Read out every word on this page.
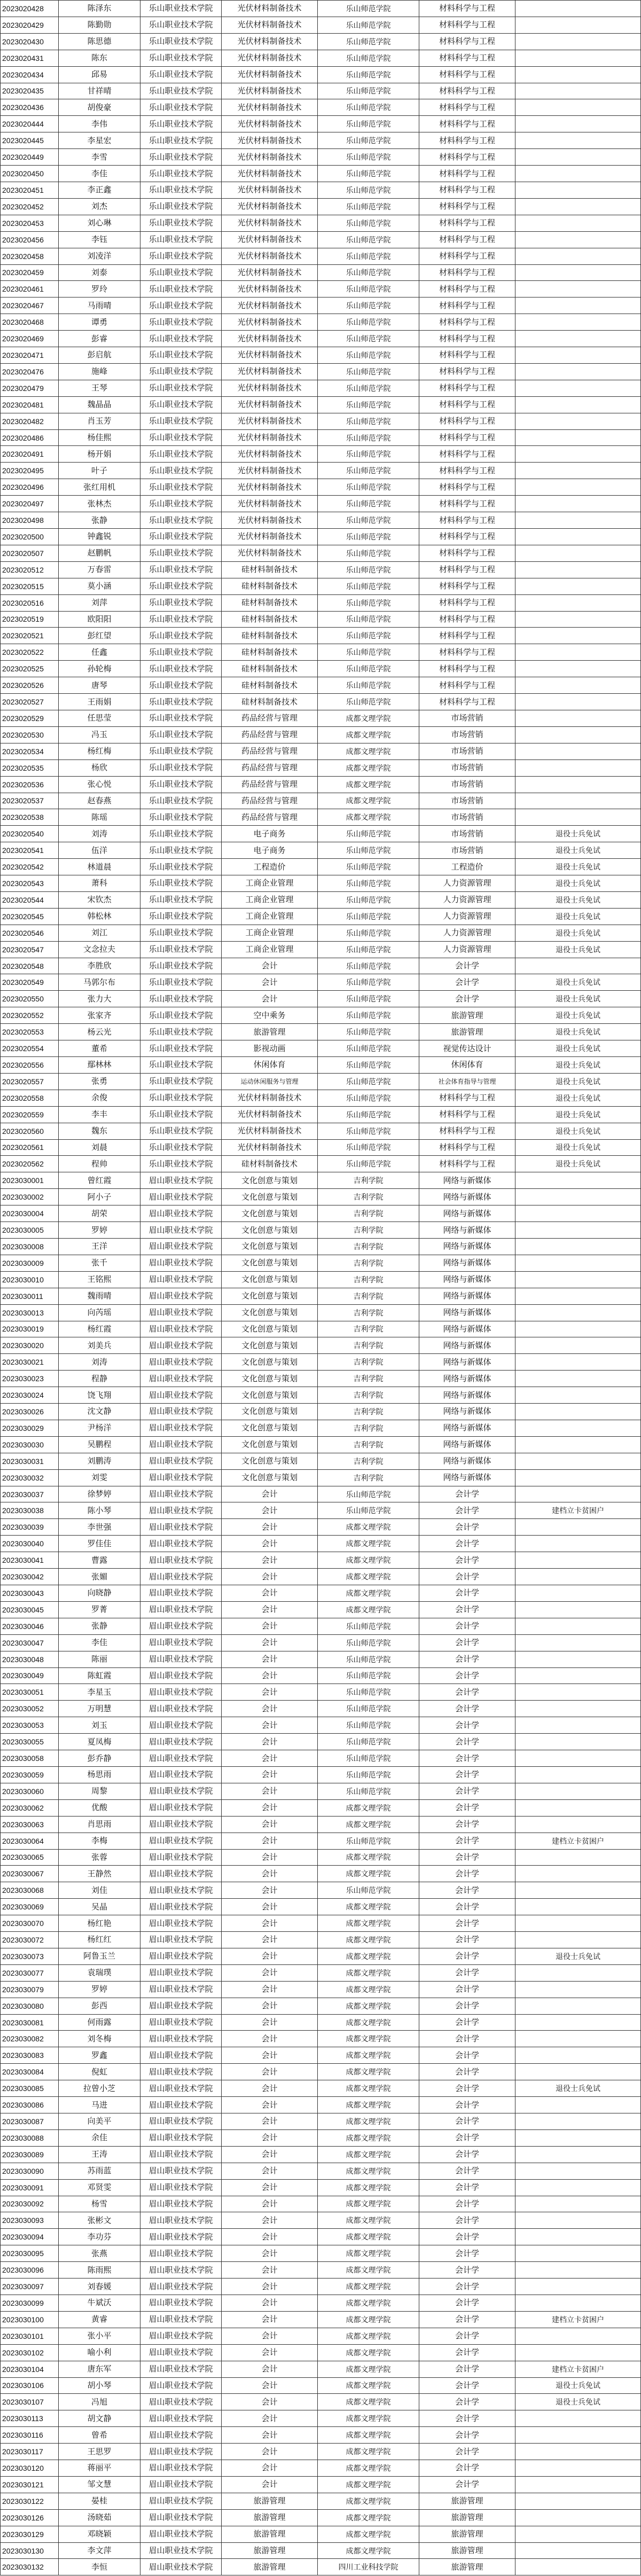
2023020428	陈泽东	乐山职业技术学院	光伏材料制备技术	乐山师范学院	材料科学与工程
2023020429	陈勤勋	乐山职业技术学院	光伏材料制备技术	乐山师范学院	材料科学与工程
2023020430	陈思德	乐山职业技术学院	光伏材料制备技术	乐山师范学院	材料科学与工程
2023020431	陈东	乐山职业技术学院	光伏材料制备技术	乐山师范学院	材料科学与工程
2023020434	邱易	乐山职业技术学院	光伏材料制备技术	乐山师范学院	材料科学与工程
2023020435	甘祥晴	乐山职业技术学院	光伏材料制备技术	乐山师范学院	材料科学与工程
2023020436	胡俊豪	乐山职业技术学院	光伏材料制备技术	乐山师范学院	材料科学与工程
2023020444	李伟	乐山职业技术学院	光伏材料制备技术	乐山师范学院	材料科学与工程
2023020445	李星宏	乐山职业技术学院	光伏材料制备技术	乐山师范学院	材料科学与工程
2023020449	李雪	乐山职业技术学院	光伏材料制备技术	乐山师范学院	材料科学与工程
2023020450	李佳	乐山职业技术学院	光伏材料制备技术	乐山师范学院	材料科学与工程
2023020451	李正鑫	乐山职业技术学院	光伏材料制备技术	乐山师范学院	材料科学与工程
2023020452	刘杰	乐山职业技术学院	光伏材料制备技术	乐山师范学院	材料科学与工程
2023020453	刘心琳	乐山职业技术学院	光伏材料制备技术	乐山师范学院	材料科学与工程
2023020456	李钰	乐山职业技术学院	光伏材料制备技术	乐山师范学院	材料科学与工程
2023020458	刘凌洋	乐山职业技术学院	光伏材料制备技术	乐山师范学院	材料科学与工程
2023020459	刘泰	乐山职业技术学院	光伏材料制备技术	乐山师范学院	材料科学与工程
2023020461	罗玲	乐山职业技术学院	光伏材料制备技术	乐山师范学院	材料科学与工程
2023020467	马雨晴	乐山职业技术学院	光伏材料制备技术	乐山师范学院	材料科学与工程
2023020468	谭勇	乐山职业技术学院	光伏材料制备技术	乐山师范学院	材料科学与工程
2023020469	彭睿	乐山职业技术学院	光伏材料制备技术	乐山师范学院	材料科学与工程
2023020471	彭启航	乐山职业技术学院	光伏材料制备技术	乐山师范学院	材料科学与工程
2023020476	施峰	乐山职业技术学院	光伏材料制备技术	乐山师范学院	材料科学与工程
2023020479	王琴	乐山职业技术学院	光伏材料制备技术	乐山师范学院	材料科学与工程
2023020481	魏晶晶	乐山职业技术学院	光伏材料制备技术	乐山师范学院	材料科学与工程
2023020482	肖玉芳	乐山职业技术学院	光伏材料制备技术	乐山师范学院	材料科学与工程
2023020486	杨佳熙	乐山职业技术学院	光伏材料制备技术	乐山师范学院	材料科学与工程
2023020491	杨开娟	乐山职业技术学院	光伏材料制备技术	乐山师范学院	材料科学与工程
2023020495	叶子	乐山职业技术学院	光伏材料制备技术	乐山师范学院	材料科学与工程
2023020496	张红用机	乐山职业技术学院	光伏材料制备技术	乐山师范学院	材料科学与工程
2023020497	张林杰	乐山职业技术学院	光伏材料制备技术	乐山师范学院	材料科学与工程
2023020498	张静	乐山职业技术学院	光伏材料制备技术	乐山师范学院	材料科学与工程
2023020500	钟鑫锐	乐山职业技术学院	光伏材料制备技术	乐山师范学院	材料科学与工程
2023020507	赵鹏帆	乐山职业技术学院	光伏材料制备技术	乐山师范学院	材料科学与工程
2023020512	万春雷	乐山职业技术学院	硅材料制备技术	乐山师范学院	材料科学与工程
2023020515	莫小涵	乐山职业技术学院	硅材料制备技术	乐山师范学院	材料科学与工程
2023020516	刘萍	乐山职业技术学院	硅材料制备技术	乐山师范学院	材料科学与工程
2023020519	欧阳阳	乐山职业技术学院	硅材料制备技术	乐山师范学院	材料科学与工程
2023020521	彭红望	乐山职业技术学院	硅材料制备技术	乐山师范学院	材料科学与工程
2023020522	任鑫	乐山职业技术学院	硅材料制备技术	乐山师范学院	材料科学与工程
2023020525	孙轮梅	乐山职业技术学院	硅材料制备技术	乐山师范学院	材料科学与工程
2023020526	唐琴	乐山职业技术学院	硅材料制备技术	乐山师范学院	材料科学与工程
2023020527	王雨娟	乐山职业技术学院	硅材料制备技术	乐山师范学院	材料科学与工程
2023020529	任思莹	乐山职业技术学院	药品经营与管理	成都文理学院	市场营销
2023020530	冯玉	乐山职业技术学院	药品经营与管理	成都文理学院	市场营销
2023020534	杨红梅	乐山职业技术学院	药品经营与管理	成都文理学院	市场营销
2023020535	杨欣	乐山职业技术学院	药品经营与管理	成都文理学院	市场营销
2023020536	张心悦	乐山职业技术学院	药品经营与管理	成都文理学院	市场营销
2023020537	赵春燕	乐山职业技术学院	药品经营与管理	成都文理学院	市场营销
2023020538	陈瑶	乐山职业技术学院	药品经营与管理	成都文理学院	市场营销
2023020540	刘涛	乐山职业技术学院	电子商务	乐山师范学院	市场营销	退役士兵免试
2023020541	伍洋	乐山职业技术学院	电子商务	乐山师范学院	市场营销	退役士兵免试
2023020542	林道晨	乐山职业技术学院	工程造价	乐山师范学院	工程造价	退役士兵免试
2023020543	萧科	乐山职业技术学院	工商企业管理	乐山师范学院	人力资源管理	退役士兵免试
2023020544	宋钦杰	乐山职业技术学院	工商企业管理	乐山师范学院	人力资源管理	退役士兵免试
2023020545	韩松林	乐山职业技术学院	工商企业管理	乐山师范学院	人力资源管理	退役士兵免试
2023020546	刘江	乐山职业技术学院	工商企业管理	乐山师范学院	人力资源管理	退役士兵免试
2023020547	文念拉夫	乐山职业技术学院	工商企业管理	乐山师范学院	人力资源管理	退役士兵免试
2023020548	李胜欣	乐山职业技术学院	会计	乐山师范学院	会计学
2023020549	马郭尔布	乐山职业技术学院	会计	乐山师范学院	会计学	退役士兵免试
2023020550	张力大	乐山职业技术学院	会计	乐山师范学院	会计学	退役士兵免试
2023020552	张家齐	乐山职业技术学院	空中乘务	乐山师范学院	旅游管理	退役士兵免试
2023020553	杨云光	乐山职业技术学院	旅游管理	乐山师范学院	旅游管理	退役士兵免试
2023020554	董希	乐山职业技术学院	影视动画	乐山师范学院	视觉传达设计	退役士兵免试
2023020556	鄢林林	乐山职业技术学院	休闲体育	乐山师范学院	休闲体育	退役士兵免试
2023020557	张勇	乐山职业技术学院	运动休闲服务与管理	乐山师范学院	社会体育指导与管理	退役士兵免试
2023020558	余俊	乐山职业技术学院	光伏材料制备技术	乐山师范学院	材料科学与工程	退役士兵免试
2023020559	李丰	乐山职业技术学院	光伏材料制备技术	乐山师范学院	材料科学与工程	退役士兵免试
2023020560	魏东	乐山职业技术学院	光伏材料制备技术	乐山师范学院	材料科学与工程	退役士兵免试
2023020561	刘晨	乐山职业技术学院	光伏材料制备技术	乐山师范学院	材料科学与工程	退役士兵免试
2023020562	程帅	乐山职业技术学院	硅材料制备技术	乐山师范学院	材料科学与工程	退役士兵免试
2023030001	曾红霞	眉山职业技术学院	文化创意与策划	吉利学院	网络与新媒体
2023030002	阿小子	眉山职业技术学院	文化创意与策划	吉利学院	网络与新媒体
2023030004	胡荣	眉山职业技术学院	文化创意与策划	吉利学院	网络与新媒体
2023030005	罗婷	眉山职业技术学院	文化创意与策划	吉利学院	网络与新媒体
2023030008	王洋	眉山职业技术学院	文化创意与策划	吉利学院	网络与新媒体
2023030009	张千	眉山职业技术学院	文化创意与策划	吉利学院	网络与新媒体
2023030010	王铭熙	眉山职业技术学院	文化创意与策划	吉利学院	网络与新媒体
2023030011	魏雨晴	眉山职业技术学院	文化创意与策划	吉利学院	网络与新媒体
2023030013	向芮瑶	眉山职业技术学院	文化创意与策划	吉利学院	网络与新媒体
2023030019	杨红霞	眉山职业技术学院	文化创意与策划	吉利学院	网络与新媒体
2023030020	刘美兵	眉山职业技术学院	文化创意与策划	吉利学院	网络与新媒体
2023030021	刘涛	眉山职业技术学院	文化创意与策划	吉利学院	网络与新媒体
2023030023	程静	眉山职业技术学院	文化创意与策划	吉利学院	网络与新媒体
2023030024	饶飞翔	眉山职业技术学院	文化创意与策划	吉利学院	网络与新媒体
2023030026	沈文静	眉山职业技术学院	文化创意与策划	吉利学院	网络与新媒体
2023030029	尹杨洋	眉山职业技术学院	文化创意与策划	吉利学院	网络与新媒体
2023030030	吴鹏程	眉山职业技术学院	文化创意与策划	吉利学院	网络与新媒体
2023030031	刘鹏涛	眉山职业技术学院	文化创意与策划	吉利学院	网络与新媒体
2023030032	刘雯	眉山职业技术学院	文化创意与策划	吉利学院	网络与新媒体
2023030037	徐梦婷	眉山职业技术学院	会计	乐山师范学院	会计学
2023030038	陈小琴	眉山职业技术学院	会计	乐山师范学院	会计学	建档立卡贫困户
2023030039	李世强	眉山职业技术学院	会计	成都文理学院	会计学
2023030040	罗佳佳	眉山职业技术学院	会计	成都文理学院	会计学
2023030041	曹露	眉山职业技术学院	会计	成都文理学院	会计学
2023030042	张媚	眉山职业技术学院	会计	成都文理学院	会计学
2023030043	向晓静	眉山职业技术学院	会计	成都文理学院	会计学
2023030045	罗菁	眉山职业技术学院	会计	成都文理学院	会计学
2023030046	张静	眉山职业技术学院	会计	乐山师范学院	会计学
2023030047	李佳	眉山职业技术学院	会计	乐山师范学院	会计学
2023030048	陈丽	眉山职业技术学院	会计	乐山师范学院	会计学
2023030049	陈虹霞	眉山职业技术学院	会计	乐山师范学院	会计学
2023030051	李星玉	眉山职业技术学院	会计	乐山师范学院	会计学
2023030052	万明慧	眉山职业技术学院	会计	乐山师范学院	会计学
2023030053	刘玉	眉山职业技术学院	会计	乐山师范学院	会计学
2023030055	夏凤梅	眉山职业技术学院	会计	乐山师范学院	会计学
2023030058	彭乔静	眉山职业技术学院	会计	乐山师范学院	会计学
2023030059	杨思雨	眉山职业技术学院	会计	乐山师范学院	会计学
2023030060	周黎	眉山职业技术学院	会计	乐山师范学院	会计学
2023030062	优酸	眉山职业技术学院	会计	成都文理学院	会计学
2023030063	肖思雨	眉山职业技术学院	会计	成都文理学院	会计学
2023030064	李梅	眉山职业技术学院	会计	乐山师范学院	会计学	建档立卡贫困户
2023030065	张蓉	眉山职业技术学院	会计	成都文理学院	会计学
2023030067	王静然	眉山职业技术学院	会计	成都文理学院	会计学
2023030068	刘佳	眉山职业技术学院	会计	乐山师范学院	会计学
2023030069	吴晶	眉山职业技术学院	会计	成都文理学院	会计学
2023030070	杨红艳	眉山职业技术学院	会计	成都文理学院	会计学
2023030072	杨红红	眉山职业技术学院	会计	成都文理学院	会计学
2023030073	阿鲁玉兰	眉山职业技术学院	会计	成都文理学院	会计学	退役士兵免试
2023030077	袁瑞璞	眉山职业技术学院	会计	成都文理学院	会计学
2023030079	罗婷	眉山职业技术学院	会计	成都文理学院	会计学
2023030080	彭西	眉山职业技术学院	会计	成都文理学院	会计学
2023030081	何雨露	眉山职业技术学院	会计	成都文理学院	会计学
2023030082	刘冬梅	眉山职业技术学院	会计	成都文理学院	会计学
2023030083	罗鑫	眉山职业技术学院	会计	成都文理学院	会计学
2023030084	倪虹	眉山职业技术学院	会计	成都文理学院	会计学
2023030085	拉曾小芝	眉山职业技术学院	会计	成都文理学院	会计学	退役士兵免试
2023030086	马进	眉山职业技术学院	会计	成都文理学院	会计学
2023030087	向美平	眉山职业技术学院	会计	成都文理学院	会计学
2023030088	余佳	眉山职业技术学院	会计	成都文理学院	会计学
2023030089	王涛	眉山职业技术学院	会计	成都文理学院	会计学
2023030090	苏雨蓝	眉山职业技术学院	会计	成都文理学院	会计学
2023030091	邓贤雯	眉山职业技术学院	会计	成都文理学院	会计学
2023030092	杨雪	眉山职业技术学院	会计	成都文理学院	会计学
2023030093	张彬文	眉山职业技术学院	会计	成都文理学院	会计学
2023030094	李功芬	眉山职业技术学院	会计	成都文理学院	会计学
2023030095	张燕	眉山职业技术学院	会计	成都文理学院	会计学
2023030096	陈雨熙	眉山职业技术学院	会计	成都文理学院	会计学
2023030097	刘春媛	眉山职业技术学院	会计	成都文理学院	会计学
2023030099	牛斌沃	眉山职业技术学院	会计	成都文理学院	会计学
2023030100	黄睿	眉山职业技术学院	会计	成都文理学院	会计学	建档立卡贫困户
2023030101	张小平	眉山职业技术学院	会计	成都文理学院	会计学
2023030102	喻小利	眉山职业技术学院	会计	成都文理学院	会计学
2023030104	唐东军	眉山职业技术学院	会计	成都文理学院	会计学	建档立卡贫困户
2023030106	胡小琴	眉山职业技术学院	会计	成都文理学院	会计学	退役士兵免试
2023030107	冯旭	眉山职业技术学院	会计	成都文理学院	会计学	退役士兵免试
2023030113	胡文静	眉山职业技术学院	会计	成都文理学院	会计学
2023030116	曾希	眉山职业技术学院	会计	成都文理学院	会计学
2023030117	王思罗	眉山职业技术学院	会计	成都文理学院	会计学
2023030120	蒋丽平	眉山职业技术学院	会计	成都文理学院	会计学
2023030121	邹文慧	眉山职业技术学院	会计	成都文理学院	会计学
2023030122	晏桂	眉山职业技术学院	旅游管理	成都文理学院	旅游管理
2023030126	汤晓茹	眉山职业技术学院	旅游管理	成都文理学院	旅游管理
2023030129	邓晓颖	眉山职业技术学院	旅游管理	成都文理学院	旅游管理
2023030130	李文萍	眉山职业技术学院	旅游管理	成都文理学院	旅游管理
2023030132	李恒	眉山职业技术学院	旅游管理	四川工业科技学院	旅游管理
